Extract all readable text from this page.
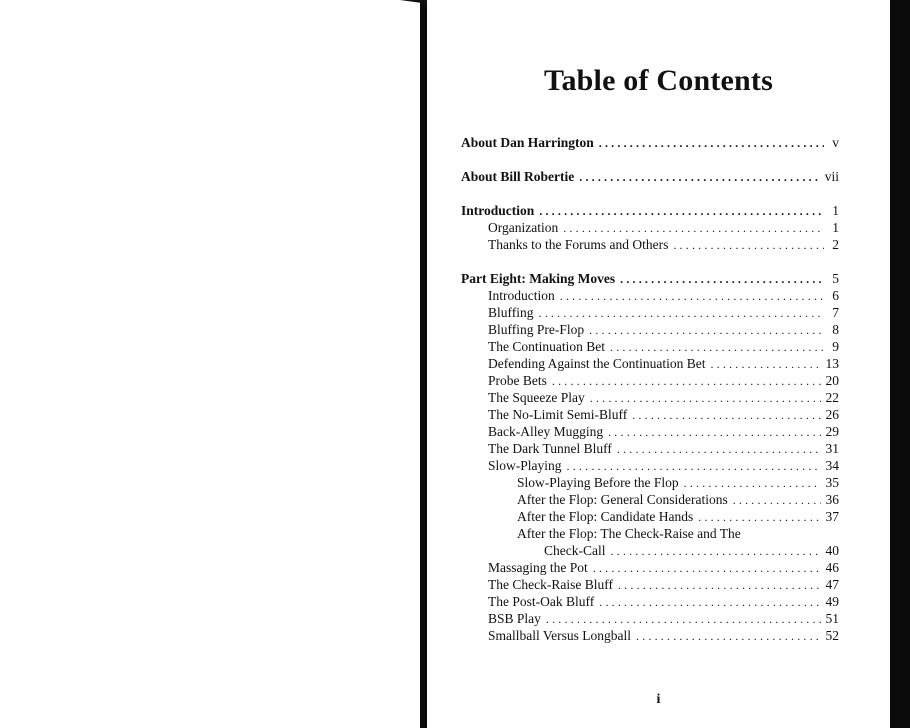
Table of Contents
About Dan Harrington .....	v
About Bill Robertie .....	vii
Introduction .....	1
Organization .....	1
Thanks to the Forums and Others .....	2
Part Eight: Making Moves .....	5
Introduction .....	6
Bluffing .....	7
Bluffing Pre-Flop .....	8
The Continuation Bet .....	9
Defending Against the Continuation Bet .....	13
Probe Bets .....	20
The Squeeze Play .....	22
The No-Limit Semi-Bluff .....	26
Back-Alley Mugging .....	29
The Dark Tunnel Bluff .....	31
Slow-Playing .....	34
Slow-Playing Before the Flop .....	35
After the Flop: General Considerations .....	36
After the Flop: Candidate Hands .....	37
After the Flop: The Check-Raise and The
Check-Call .....	40
Massaging the Pot .....	46
The Check-Raise Bluff .....	47
The Post-Oak Bluff .....	49
BSB Play .....	51
Smallball Versus Longball .....	52
i
